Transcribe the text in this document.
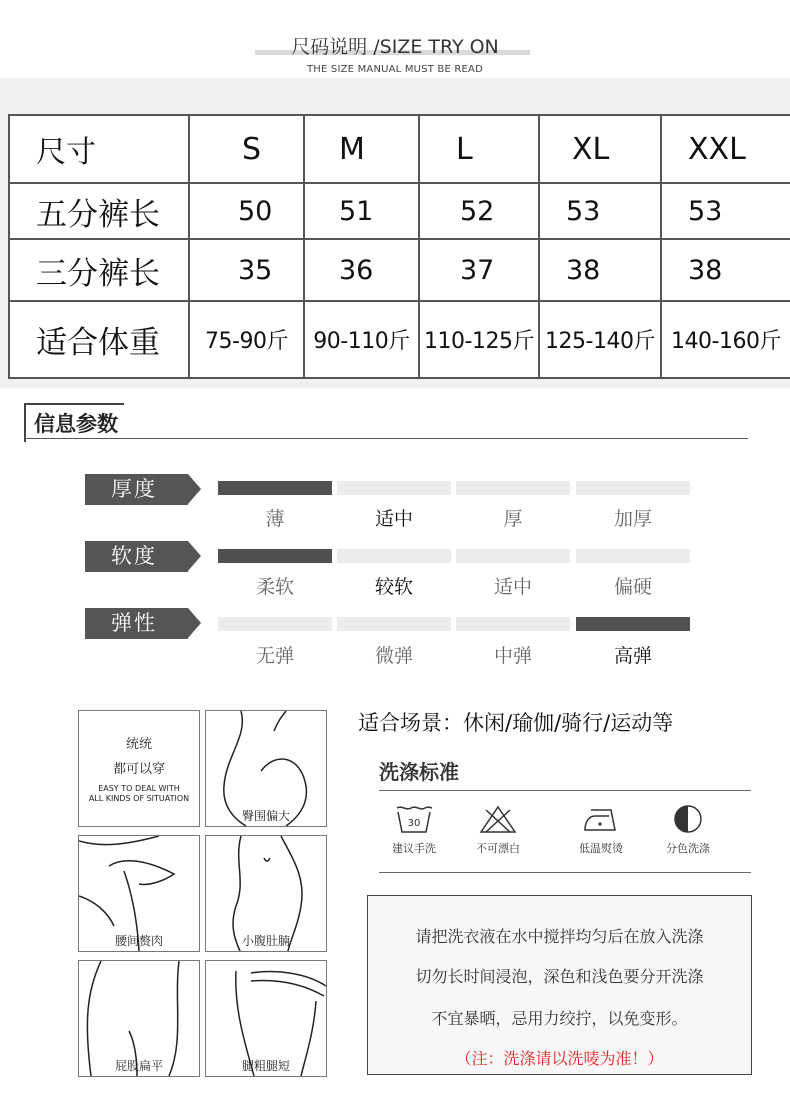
尺码说明 /SIZE TRY ON
THE SIZE MANUAL MUST BE READ
尺寸	S	M	L	XL	XXL
五分裤长	50	51	52	53	53
三分裤长	35	36	37	38	38
适合体重	75-90斤	90-110斤	110-125斤	125-140斤	140-160斤
信息参数
厚度
薄	适中	厚	加厚
软度
柔软	较软	适中	偏硬
弹性
无弹	微弹	中弹	高弹
统统
都可以穿
EASY TO DEAL WITH
ALL KINDS OF SITUATION
臀围偏大
腰间赘肉	小腹肚腩
屁股扁平	腿粗腿短
适合场景：休闲/瑜伽/骑行/运动等
洗涤标准
30
建议手洗	不可漂白	低温熨烫	分色洗涤
请把洗衣液在水中搅拌均匀后在放入洗涤
切勿长时间浸泡，深色和浅色要分开洗涤
不宜暴晒，忌用力绞拧，以免变形。
（注：洗涤请以洗唛为准！）
